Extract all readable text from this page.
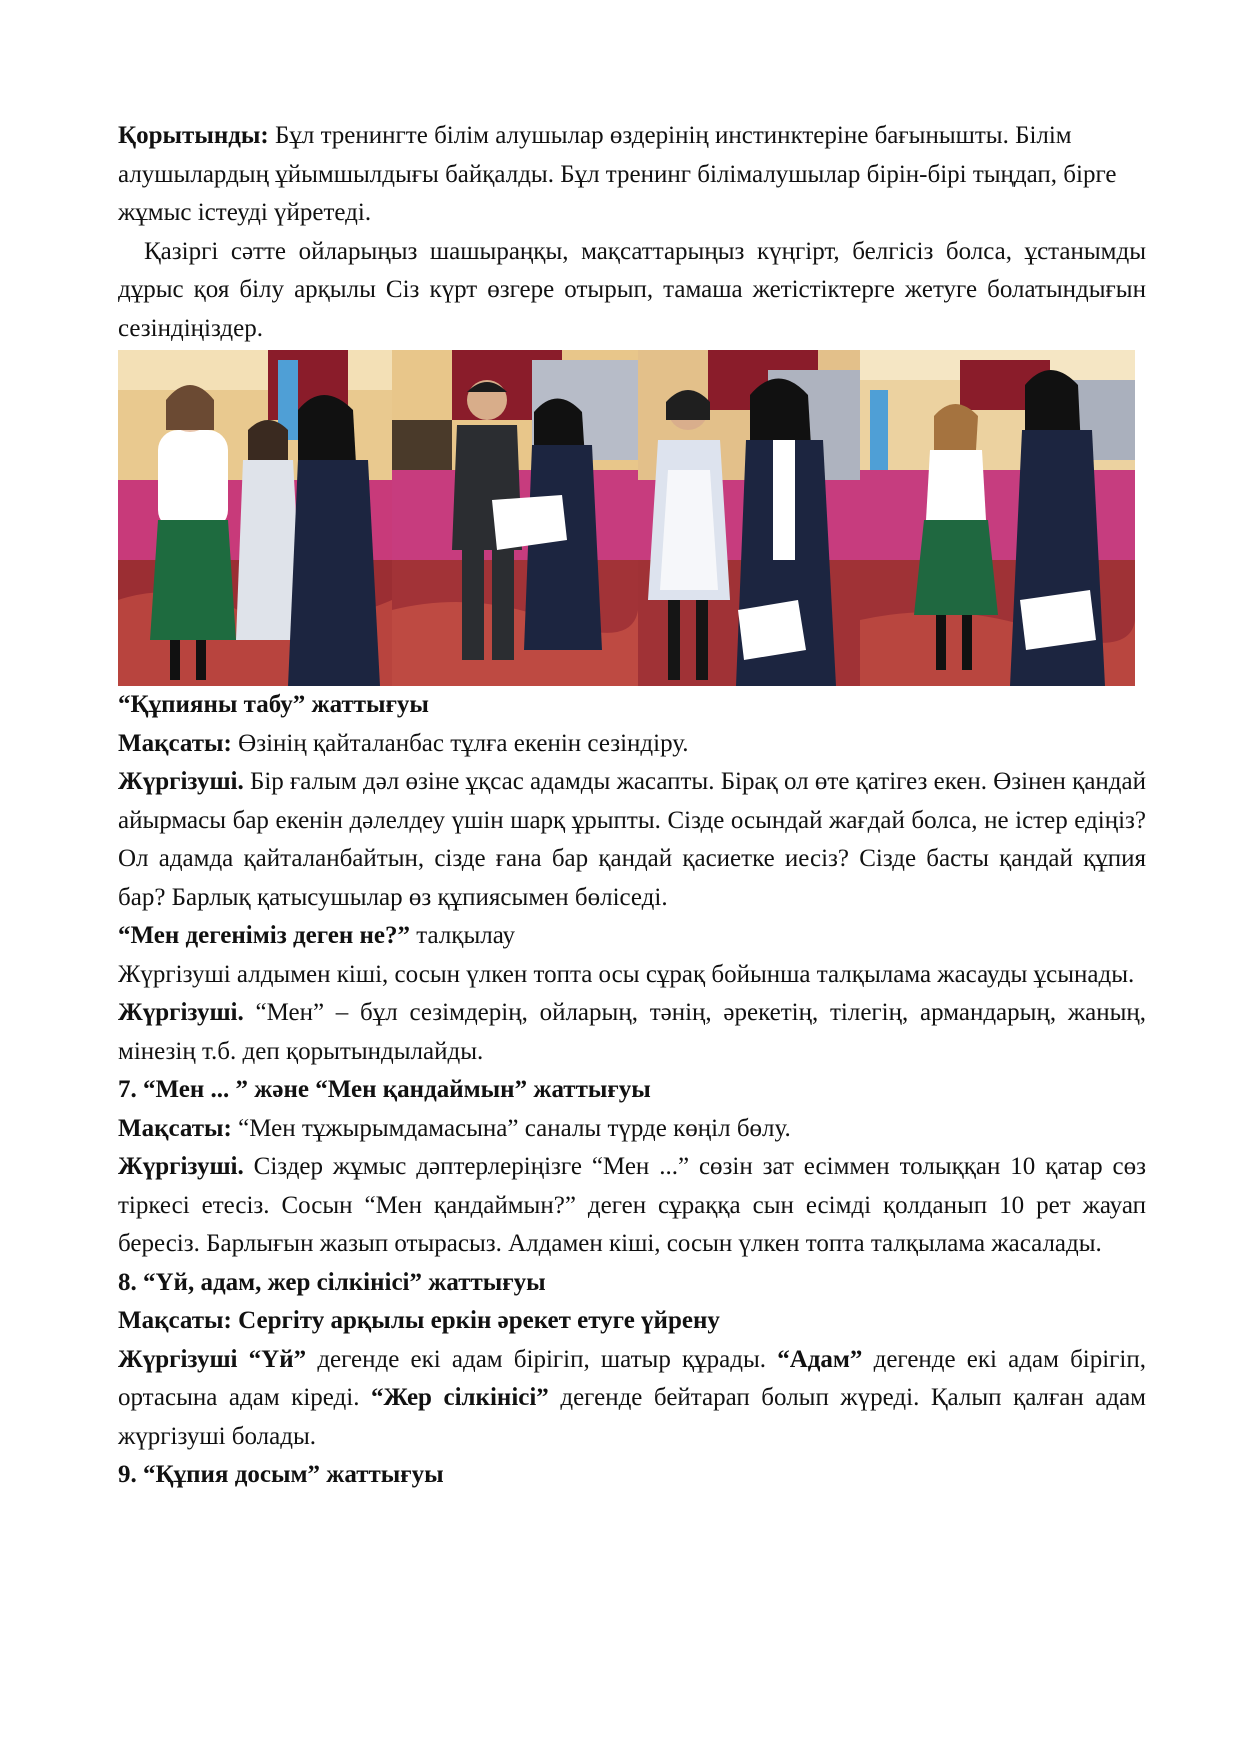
Қорытынды: Бұл тренингте білім алушылар өздерінің инстинктеріне бағынышты. Білім алушылардың ұйымшылдығы байқалды. Бұл тренинг білімалушылар бірін-бірі тыңдап, бірге жұмыс істеуді үйретеді.

Қазіргі сәтте ойларыңыз шашыраңқы, мақсаттарыңыз күңгірт, белгісіз болса, ұстанымды дұрыс қоя білу арқылы Сіз күрт өзгере отырып, тамаша жетістіктерге жетуге болатындығын сезіндіңіздер.

“Құпияны табу” жаттығуы

Мақсаты: Өзінің қайталанбас тұлға екенін сезіндіру.

Жүргізуші. Бір ғалым дәл өзіне ұқсас адамды жасапты. Бірақ ол өте қатігез екен. Өзінен қандай айырмасы бар екенін дәлелдеу үшін шарқ ұрыпты. Сізде осындай жағдай болса, не істер едіңіз? Ол адамда қайталанбайтын, сізде ғана бар қандай қасиетке иесіз? Сізде басты қандай құпия бар? Барлық қатысушылар өз құпиясымен бөліседі.

“Мен дегеніміз деген не?” талқылау

Жүргізуші алдымен кіші, сосын үлкен топта осы сұрақ бойынша талқылама жасауды ұсынады.

Жүргізуші. “Мен” – бұл сезімдерің, ойларың, тәнің, әрекетің, тілегің, армандарың, жаның, мінезің т.б. деп қорытындылайды.

7. “Мен ... ” және “Мен қандаймын” жаттығуы

Мақсаты: “Мен тұжырымдамасына” саналы түрде көңіл бөлу.

Жүргізуші. Сіздер жұмыс дәптерлеріңізге “Мен ...” сөзін зат есіммен толыққан 10 қатар сөз тіркесі етесіз. Сосын “Мен қандаймын?” деген сұраққа сын есімді қолданып 10 рет жауап бересіз. Барлығын жазып отырасыз. Алдамен кіші, сосын үлкен топта талқылама жасалады.

8. “Үй, адам, жер сілкінісі” жаттығуы

Мақсаты: Сергіту арқылы еркін әрекет етуге үйрену

Жүргізуші “Үй” дегенде екі адам бірігіп, шатыр құрады. “Адам” дегенде екі адам бірігіп, ортасына адам кіреді. “Жер сілкінісі” дегенде бейтарап болып жүреді. Қалып қалған адам жүргізуші болады.

9. “Құпия досым” жаттығуы
